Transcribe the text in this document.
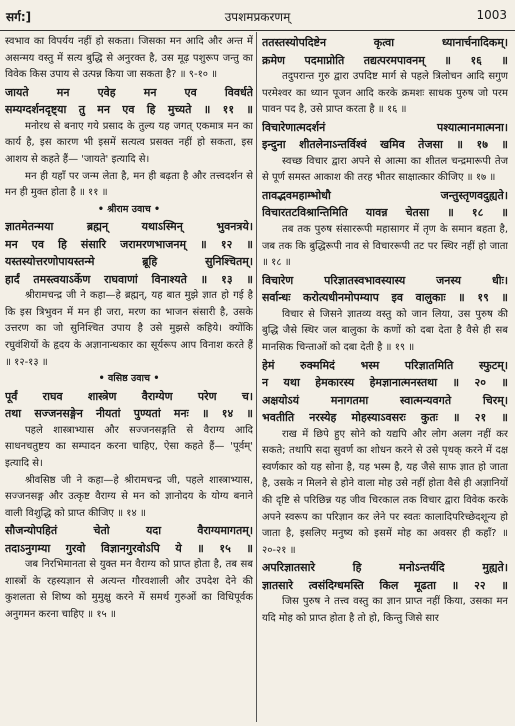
सर्ग:]	उपशमप्रकरणम्	1003

स्वभाव का विपर्यय नहीं हो सकता। जिसका मन आदि और अन्त में असन्मय वस्तु में सत्य बुद्धि से अनुरक्त है, उस मूढ़ पशुरूप जन्तु का विवेक किस उपाय से उत्पन्न किया जा सकता है? ॥ ९-१० ॥

जायते मन एवेह मन एव विवर्धते

सम्यग्दर्शनदृष्ट्या तु मन एव हि मुच्यते ॥ ११ ॥

मनोरथ से बनाए गये प्रसाद के तुल्य यह जगत् एकमात्र मन का कार्य है, इस कारण भी इसमें सत्यत्व प्रसक्त नहीं हो सकता, इस आशय से कहते हैं— 'जायते' इत्यादि से।

मन ही यहाँ पर जन्म लेता है, मन ही बढ़ता है और तत्त्वदर्शन से मन ही मुक्त होता है ॥ ११ ॥

• श्रीराम उवाच •

ज्ञातमेतन्मया ब्रह्मन् यथाऽस्मिन् भुवनत्रये।

मन एव हि संसारि जरामरणभाजनम् ॥ १२ ॥

यस्तस्योत्तरणोपायस्तन्मे ब्रूहि सुनिश्चितम्।

हार्दं तमस्त्वयाऽर्केण राघवाणां विनाश्यते ॥ १३ ॥

श्रीरामचन्द्र जी ने कहा—हे ब्रह्मन्, यह बात मुझे ज्ञात हो गई है कि इस त्रिभुवन में मन ही जरा, मरण का भाजन संसारी है, उसके उत्तरण का जो सुनिश्चित उपाय है उसे मुझसे कहिये। क्योंकि रघुवंशियों के हृदय के अज्ञानान्धकार का सूर्यरूप आप विनाश करते हैं ॥ १२-१३ ॥

• वसिष्ठ उवाच •

पूर्वं राघव शास्त्रेण वैराग्येण परेण च।

तथा सज्जनसङ्गेन नीयतां पुण्यतां मनः ॥ १४ ॥

पहले शास्त्राभ्यास और सज्जनसङ्गति से वैराग्य आदि साधनचतुष्टय का सम्पादन करना चाहिए, ऐसा कहते हैं— 'पूर्वम्' इत्यादि से।

श्रीवसिष्ठ जी ने कहा—हे श्रीरामचन्द्र जी, पहले शास्त्राभ्यास, सज्जनसङ्ग और उत्कृष्ट वैराग्य से मन को ज्ञानोदय के योग्य बनाने वाली विशुद्धि को प्राप्त कीजिए ॥ १४ ॥

सौजन्योपहितं चेतो यदा वैराग्यमागतम्।

तदाऽनुगम्या गुरवो विज्ञानगुरवोऽपि ये ॥ १५ ॥

जब निरभिमानता से युक्त मन वैराग्य को प्राप्त होता है, तब सब शास्त्रों के रहस्यज्ञान से अत्यन्त गौरवशाली और उपदेश देने की कुशलता से शिष्य को मुमुक्षु करने में समर्थ गुरुओं का विधिपूर्वक अनुगमन करना चाहिए ॥ १५ ॥

ततस्तस्योपदिष्टेन कृत्वा ध्यानार्चनादिकम्।

क्रमेण पदमाप्नोति तद्यत्परमपावनम् ॥ १६ ॥

तदुपरान्त गुरु द्वारा उपदिष्ट मार्ग से पहले त्रिलोचन आदि सगुण परमेश्वर का ध्यान पूजन आदि करके क्रमशः साधक पुरुष जो परम पावन पद है, उसे प्राप्त करता है ॥ १६ ॥

विचारेणात्मदर्शनं पश्यात्मानमात्मना।

इन्दुना शीतलेनाऽन्तर्विश्वं खमिव तेजसा ॥ १७ ॥

स्वच्छ विचार द्वारा अपने से आत्मा का शीतल चन्द्रमारूपी तेज से पूर्ण समस्त आकाश की तरह भीतर साक्षात्कार कीजिए ॥ १७ ॥

तावद्भवमहाम्भोधौ जन्तुस्तृणवदुह्यते।

विचारतटविश्रान्तिमिति यावन्न चेतसा ॥ १८ ॥

तब तक पुरुष संसाररूपी महासागर में तृण के समान बहता है, जब तक कि बुद्धिरूपी नाव से विचाररूपी तट पर स्थिर नहीं हो जाता ॥ १८ ॥

विचारेण परिज्ञातस्वभावस्यास्य जनस्य धीः।

सर्वान्धः करोत्यधीनमोपम्याप इव वालुकाः ॥ १९ ॥

विचार से जिसने ज्ञातव्य वस्तु को जान लिया, उस पुरुष की बुद्धि जैसे स्थिर जल बालुका के कणों को दबा देता है वैसे ही सब मानसिक चिन्ताओं को दबा देती है ॥ १९ ॥

हेमं रुक्ममिदं भस्म परिज्ञातमिति स्फुटम्।

न यथा हेमकारस्य हेमज्ञानात्मनस्तथा ॥ २० ॥

अक्षयोऽयं मनागतमा स्वात्मन्यवगते चिरम्।

भवतीति नरस्येह मोहस्याऽवसरः कुतः ॥ २१ ॥

राख में छिपे हुए सोने को यद्यपि और लोग अलग नहीं कर सकते; तथापि सदा सुवर्ण का शोधन करने से उसे पृथक् करने में दक्ष स्वर्णकार को यह सोना है, यह भस्म है, यह जैसे साफ ज्ञात हो जाता है, उसके न मिलने से होने वाला मोह उसे नहीं होता वैसे ही अज्ञानियों की दृष्टि से परिछिन्न यह जीव चिरकाल तक विचार द्वारा विवेक करके अपने स्वरूप का परिज्ञान कर लेने पर स्वतः कालादिपरिच्छेदशून्य हो जाता है, इसलिए मनुष्य को इसमें मोह का अवसर ही कहाँ? ॥ २०-२१ ॥

अपरिज्ञातसारे हि मनोऽन्तर्यदि मुह्यते।

ज्ञातसारे त्वसंदिग्धमस्ति किल मूढता ॥ २२ ॥

जिस पुरुष ने तत्त्व वस्तु का ज्ञान प्राप्त नहीं किया, उसका मन यदि मोह को प्राप्त होता है तो हो, किन्तु जिसे सार
